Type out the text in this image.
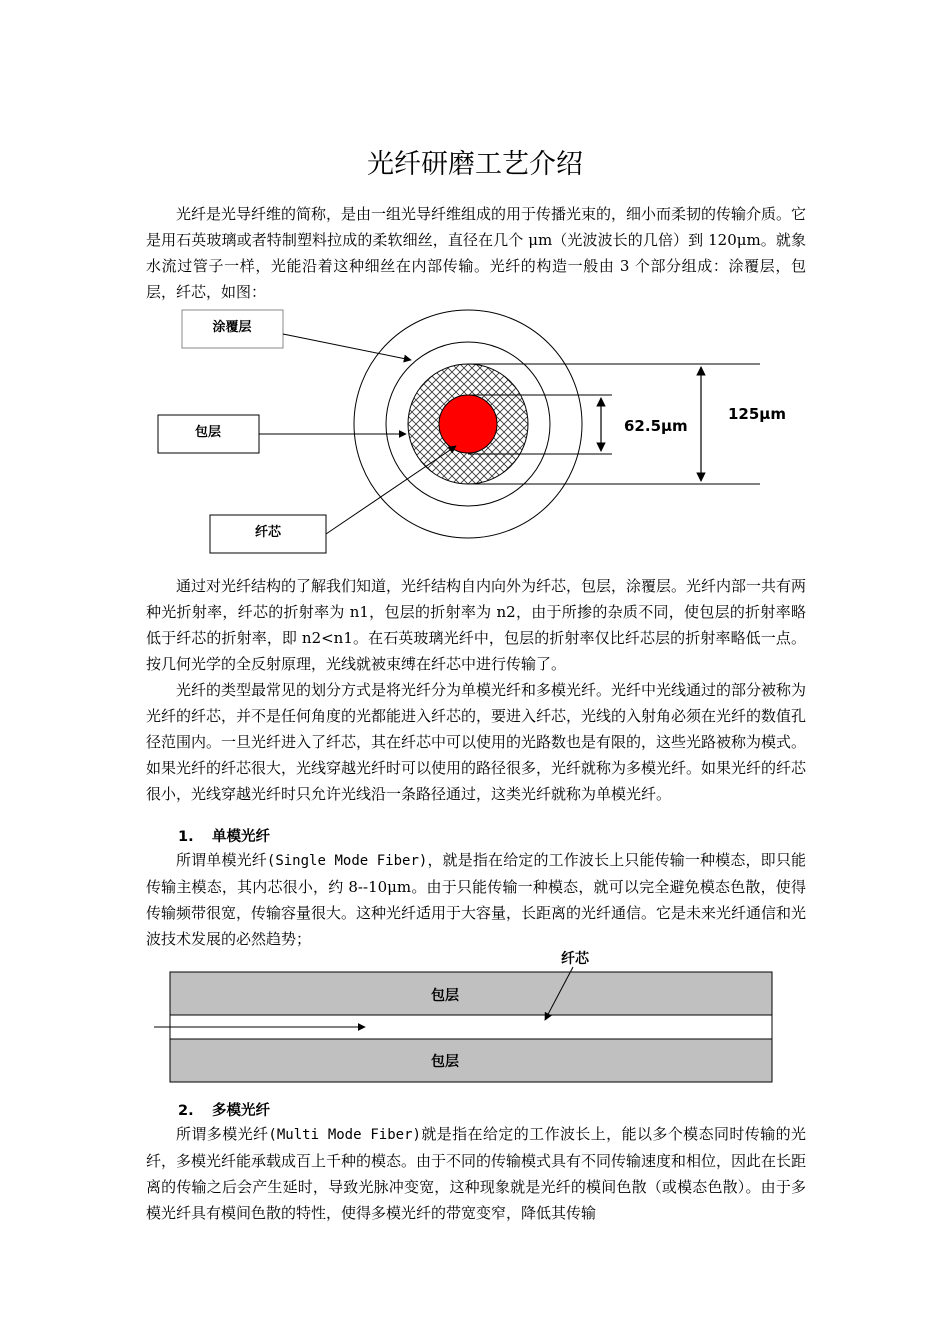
光纤研磨工艺介绍

光纤是光导纤维的简称，是由一组光导纤维组成的用于传播光束的，细小而柔韧的传输介质。它是用石英玻璃或者特制塑料拉成的柔软细丝，直径在几个 μm（光波波长的几倍）到 120μm。就象水流过管子一样，光能沿着这种细丝在内部传输。光纤的构造一般由 3 个部分组成：涂覆层，包层，纤芯，如图：

涂覆层
包层
纤芯
62.5μm
125μm

通过对光纤结构的了解我们知道，光纤结构自内向外为纤芯，包层，涂覆层。光纤内部一共有两种光折射率，纤芯的折射率为 n1，包层的折射率为 n2，由于所掺的杂质不同，使包层的折射率略低于纤芯的折射率，即 n2<n1。在石英玻璃光纤中，包层的折射率仅比纤芯层的折射率略低一点。按几何光学的全反射原理，光线就被束缚在纤芯中进行传输了。

光纤的类型最常见的划分方式是将光纤分为单模光纤和多模光纤。光纤中光线通过的部分被称为光纤的纤芯，并不是任何角度的光都能进入纤芯的，要进入纤芯，光线的入射角必须在光纤的数值孔径范围内。一旦光纤进入了纤芯，其在纤芯中可以使用的光路数也是有限的，这些光路被称为模式。如果光纤的纤芯很大，光线穿越光纤时可以使用的路径很多，光纤就称为多模光纤。如果光纤的纤芯很小，光线穿越光纤时只允许光线沿一条路径通过，这类光纤就称为单模光纤。

1. 单模光纤

所谓单模光纤(Single Mode Fiber)，就是指在给定的工作波长上只能传输一种模态，即只能传输主模态，其内芯很小，约 8--10μm。由于只能传输一种模态，就可以完全避免模态色散，使得传输频带很宽，传输容量很大。这种光纤适用于大容量，长距离的光纤通信。它是未来光纤通信和光波技术发展的必然趋势；

包层
包层
纤芯

2. 多模光纤

所谓多模光纤(Multi Mode Fiber)就是指在给定的工作波长上，能以多个模态同时传输的光纤，多模光纤能承载成百上千种的模态。由于不同的传输模式具有不同传输速度和相位，因此在长距离的传输之后会产生延时，导致光脉冲变宽，这种现象就是光纤的模间色散（或模态色散）。由于多模光纤具有模间色散的特性，使得多模光纤的带宽变窄，降低其传输
